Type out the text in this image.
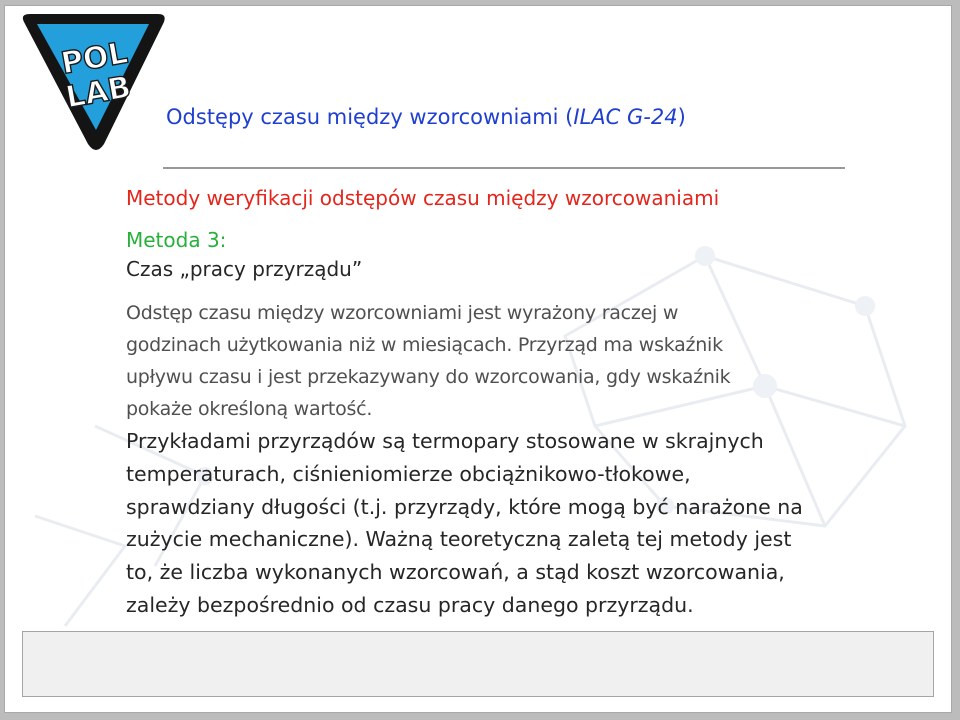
POL
LAB
Odstępy czasu między wzorcowniami (ILAC G-24)
Metody weryfikacji odstępów czasu między wzorcowaniami
Metoda 3:
Czas „pracy przyrządu”
Odstęp czasu między wzorcowniami jest wyrażony raczej w
godzinach użytkowania niż w miesiącach. Przyrząd ma wskaźnik
upływu czasu i jest przekazywany do wzorcowania, gdy wskaźnik
pokaże określoną wartość.
Przykładami przyrządów są termopary stosowane w skrajnych
temperaturach, ciśnieniomierze obciążnikowo-tłokowe,
sprawdziany długości (t.j. przyrządy, które mogą być narażone na
zużycie mechaniczne). Ważną teoretyczną zaletą tej metody jest
to, że liczba wykonanych wzorcowań, a stąd koszt wzorcowania,
zależy bezpośrednio od czasu pracy danego przyrządu.
